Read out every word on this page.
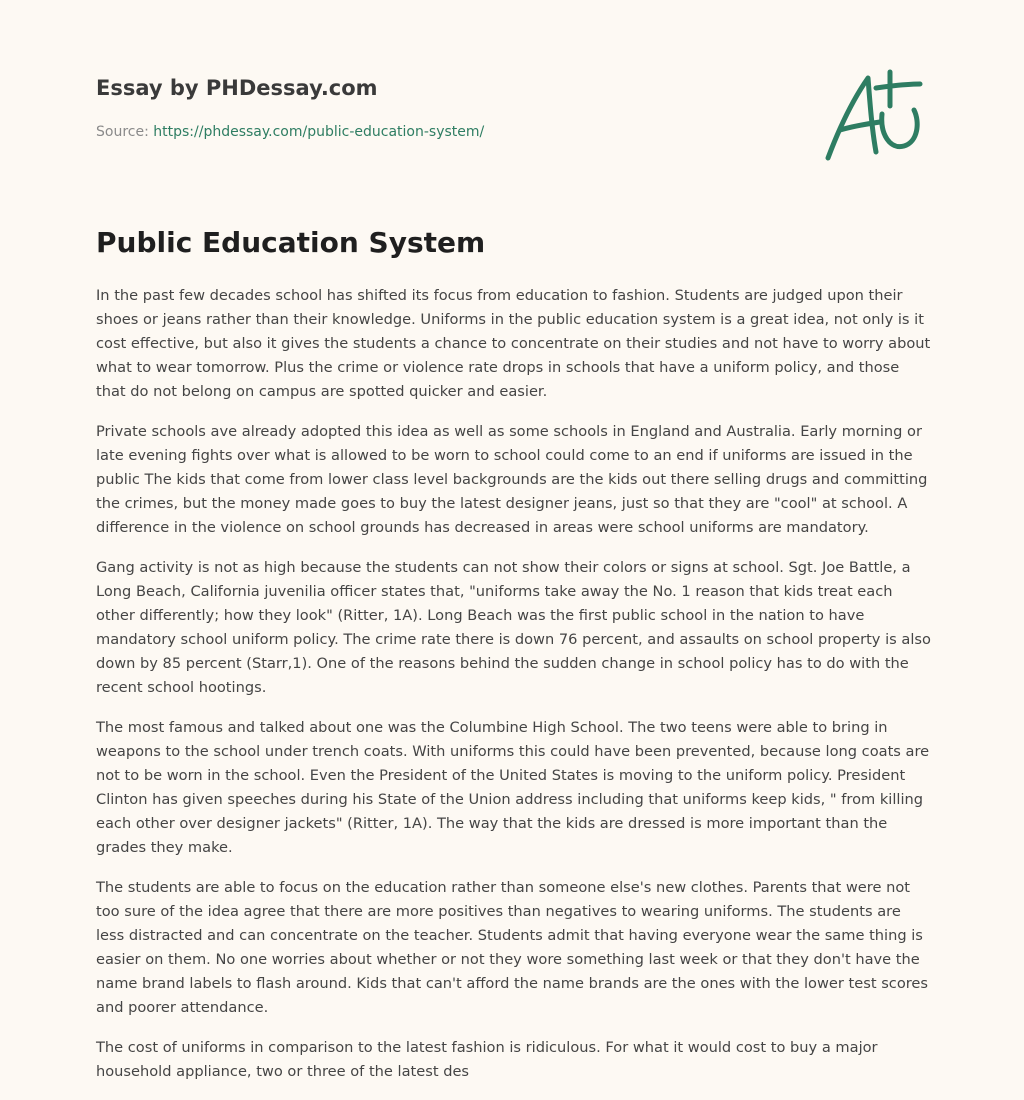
Essay by PHDessay.com
Source: https://phdessay.com/public-education-system/
Public Education System

In the past few decades school has shifted its focus from education to fashion. Students are judged upon their shoes or jeans rather than their knowledge. Uniforms in the public education system is a great idea, not only is it cost effective, but also it gives the students a chance to concentrate on their studies and not have to worry about what to wear tomorrow. Plus the crime or violence rate drops in schools that have a uniform policy, and those that do not belong on campus are spotted quicker and easier.

Private schools ave already adopted this idea as well as some schools in England and Australia. Early morning or late evening fights over what is allowed to be worn to school could come to an end if uniforms are issued in the public The kids that come from lower class level backgrounds are the kids out there selling drugs and committing the crimes, but the money made goes to buy the latest designer jeans, just so that they are "cool" at school. A difference in the violence on school grounds has decreased in areas were school uniforms are mandatory.

Gang activity is not as high because the students can not show their colors or signs at school. Sgt. Joe Battle, a Long Beach, California juvenilia officer states that, "uniforms take away the No. 1 reason that kids treat each other differently; how they look" (Ritter, 1A). Long Beach was the first public school in the nation to have mandatory school uniform policy. The crime rate there is down 76 percent, and assaults on school property is also down by 85 percent (Starr,1). One of the reasons behind the sudden change in school policy has to do with the recent school hootings.

The most famous and talked about one was the Columbine High School. The two teens were able to bring in weapons to the school under trench coats. With uniforms this could have been prevented, because long coats are not to be worn in the school. Even the President of the United States is moving to the uniform policy. President Clinton has given speeches during his State of the Union address including that uniforms keep kids, " from killing each other over designer jackets" (Ritter, 1A). The way that the kids are dressed is more important than the grades they make.

The students are able to focus on the education rather than someone else's new clothes. Parents that were not too sure of the idea agree that there are more positives than negatives to wearing uniforms. The students are less distracted and can concentrate on the teacher. Students admit that having everyone wear the same thing is easier on them. No one worries about whether or not they wore something last week or that they don't have the name brand labels to flash around. Kids that can't afford the name brands are the ones with the lower test scores and poorer attendance.

The cost of uniforms in comparison to the latest fashion is ridiculous. For what it would cost to buy a major household appliance, two or three of the latest des
